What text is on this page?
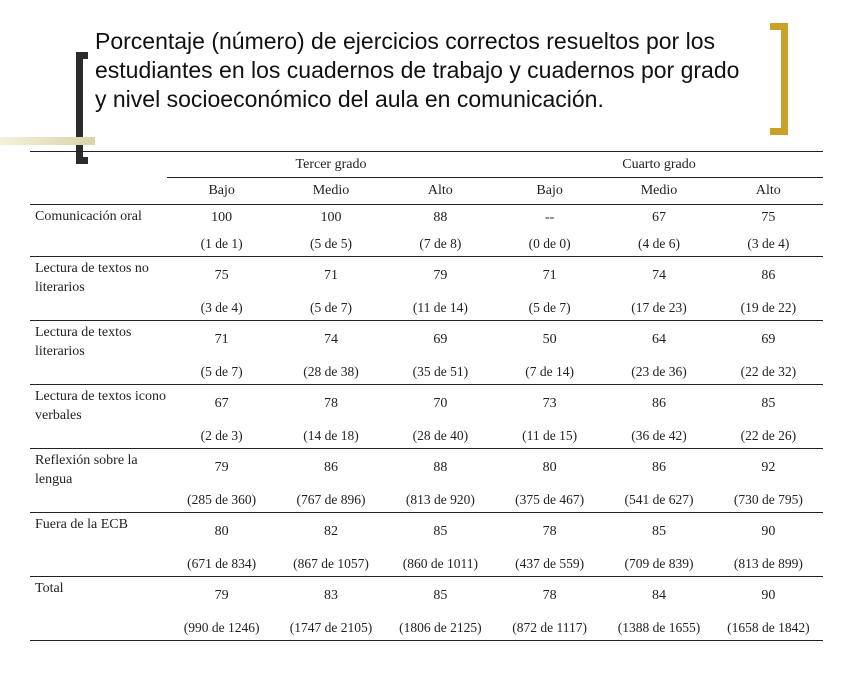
Porcentaje (número) de ejercicios correctos resueltos por los estudiantes en los cuadernos de trabajo y cuadernos por grado y nivel socioeconómico del aula en comunicación.
	Tercer grado			Cuarto grado		
	Bajo	Medio	Alto	Bajo	Medio	Alto
Comunicación oral	100	100	88	--	67	75
	(1 de 1)	(5 de 5)	(7 de 8)	(0 de 0)	(4 de 6)	(3 de 4)
Lectura de textos no literarios	75	71	79	71	74	86
	(3 de 4)	(5 de 7)	(11 de 14)	(5 de 7)	(17 de 23)	(19 de 22)
Lectura de textos literarios	71	74	69	50	64	69
	(5 de 7)	(28 de 38)	(35 de 51)	(7 de 14)	(23 de 36)	(22 de 32)
Lectura de textos icono verbales	67	78	70	73	86	85
	(2 de 3)	(14 de 18)	(28 de 40)	(11 de 15)	(36 de 42)	(22 de 26)
Reflexión sobre la lengua	79	86	88	80	86	92
	(285 de 360)	(767 de 896)	(813 de 920)	(375 de 467)	(541 de 627)	(730 de 795)
Fuera de la ECB	80	82	85	78	85	90
	(671 de 834)	(867 de 1057)	(860 de 1011)	(437 de 559)	(709 de 839)	(813 de 899)
Total	79	83	85	78	84	90
	(990 de 1246)	(1747 de 2105)	(1806 de 2125)	(872 de 1117)	(1388 de 1655)	(1658 de 1842)
